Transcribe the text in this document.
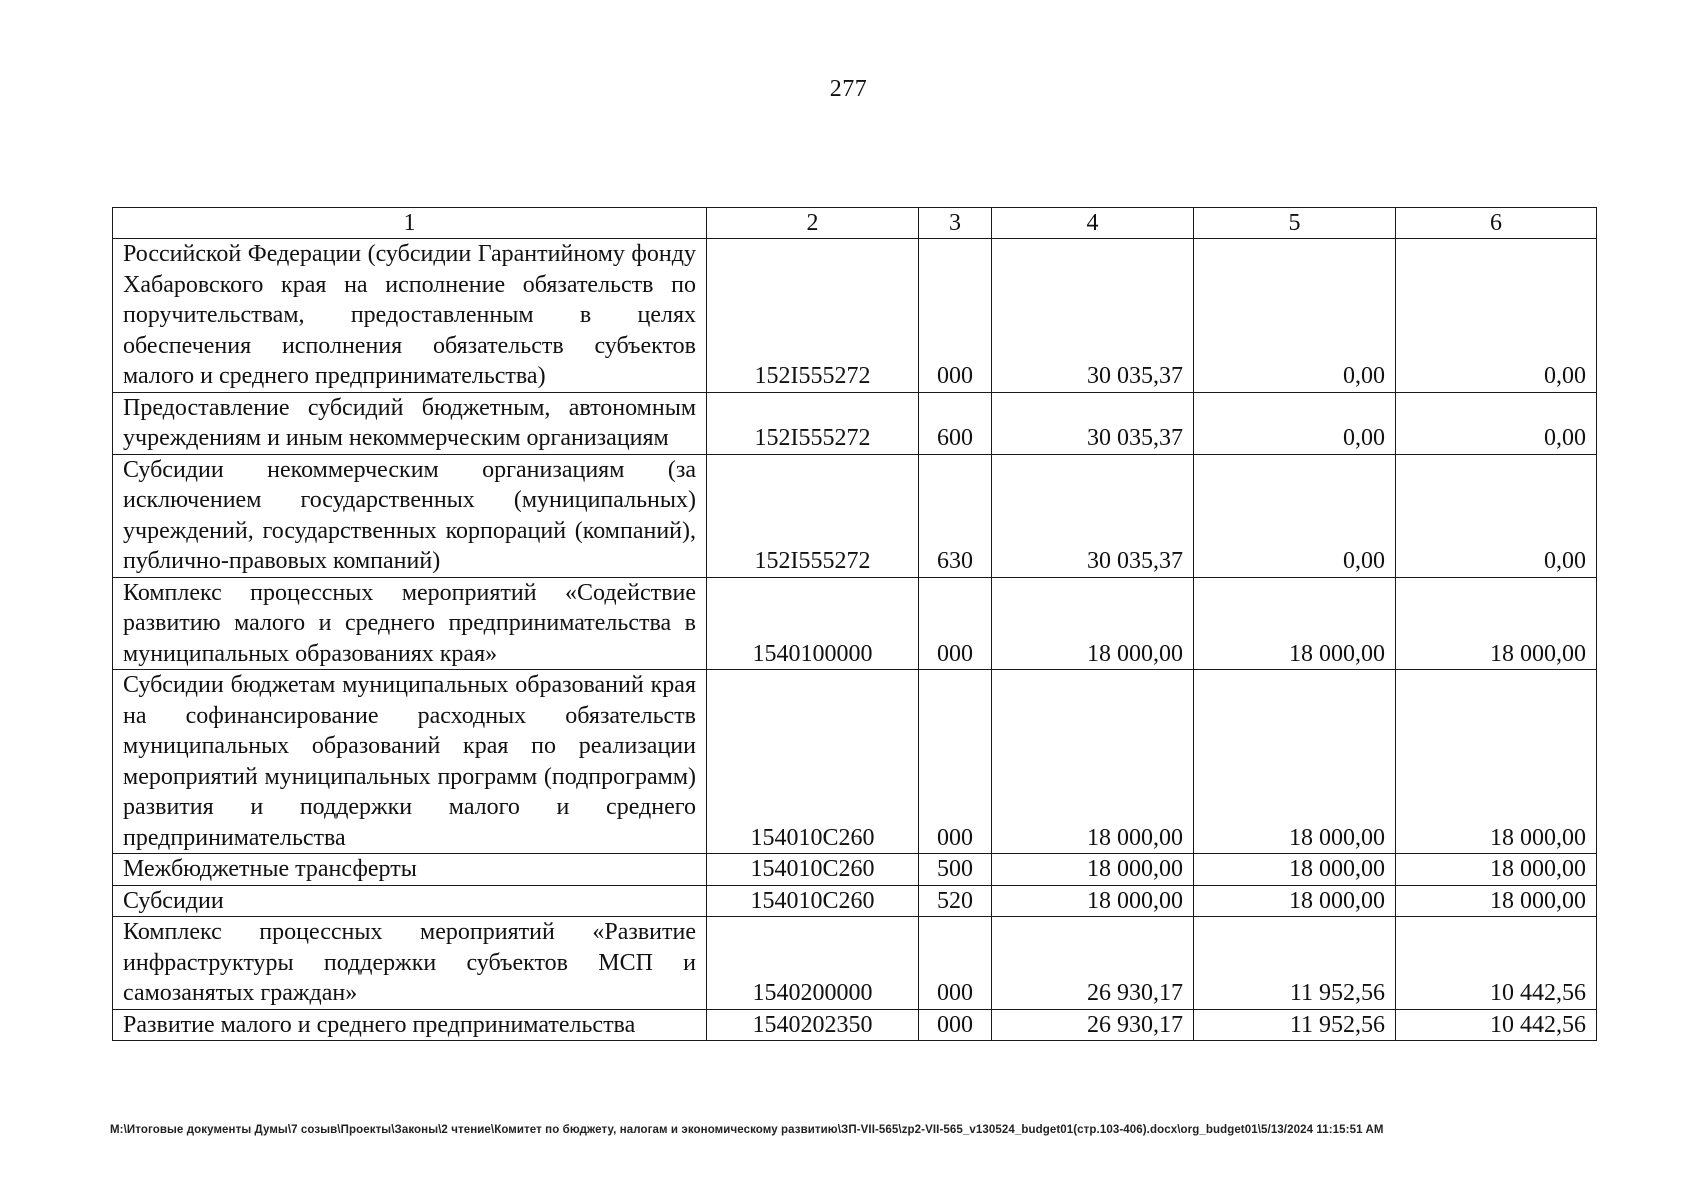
277
1	2	3	4	5	6
Российской Федерации (субсидии Гарантийному фонду Хабаровского края на исполнение обязательств по поручительствам, предоставленным в целях обеспечения исполнения обязательств субъектов малого и среднего предпринимательства)	152I555272	000	30 035,37	0,00	0,00
Предоставление субсидий бюджетным, автономным учреждениям и иным некоммерческим организациям	152I555272	600	30 035,37	0,00	0,00
Субсидии некоммерческим организациям (за исключением государственных (муниципальных) учреждений, государственных корпораций (компаний), публично-правовых компаний)	152I555272	630	30 035,37	0,00	0,00
Комплекс процессных мероприятий «Содействие развитию малого и среднего предпринимательства в муниципальных образованиях края»	1540100000	000	18 000,00	18 000,00	18 000,00
Субсидии бюджетам муниципальных образований края на софинансирование расходных обязательств муниципальных образований края по реализации мероприятий муниципальных программ (подпрограмм) развития и поддержки малого и среднего предпринимательства	154010С260	000	18 000,00	18 000,00	18 000,00
Межбюджетные трансферты	154010С260	500	18 000,00	18 000,00	18 000,00
Субсидии	154010С260	520	18 000,00	18 000,00	18 000,00
Комплекс процессных мероприятий «Развитие инфраструктуры поддержки субъектов МСП и самозанятых граждан»	1540200000	000	26 930,17	11 952,56	10 442,56
Развитие малого и среднего предпринимательства	1540202350	000	26 930,17	11 952,56	10 442,56
M:\Итоговые документы Думы\7 созыв\Проекты\Законы\2 чтение\Комитет по бюджету, налогам и экономическому развитию\ЗП-VII-565\zp2-VII-565_v130524_budget01(стр.103-406).docx\org_budget01\5/13/2024 11:15:51 AM
